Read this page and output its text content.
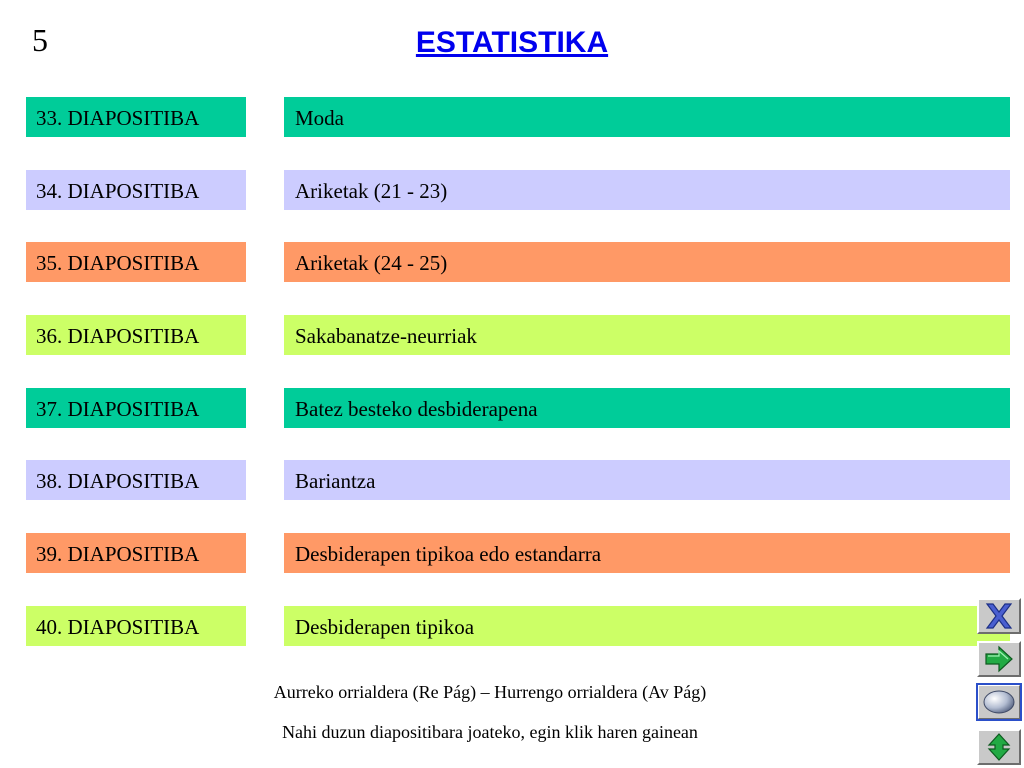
5	ESTATISTIKA
33. DIAPOSITIBA	Moda
34. DIAPOSITIBA	Ariketak (21 - 23)
35. DIAPOSITIBA	Ariketak (24 - 25)
36. DIAPOSITIBA	Sakabanatze-neurriak
37. DIAPOSITIBA	Batez besteko desbiderapena
38. DIAPOSITIBA	Bariantza
39. DIAPOSITIBA	Desbiderapen tipikoa edo estandarra
40. DIAPOSITIBA	Desbiderapen tipikoa
Aurreko orrialdera (Re Pág) – Hurrengo orrialdera (Av Pág)
Nahi duzun diapositibara joateko, egin klik haren gainean
